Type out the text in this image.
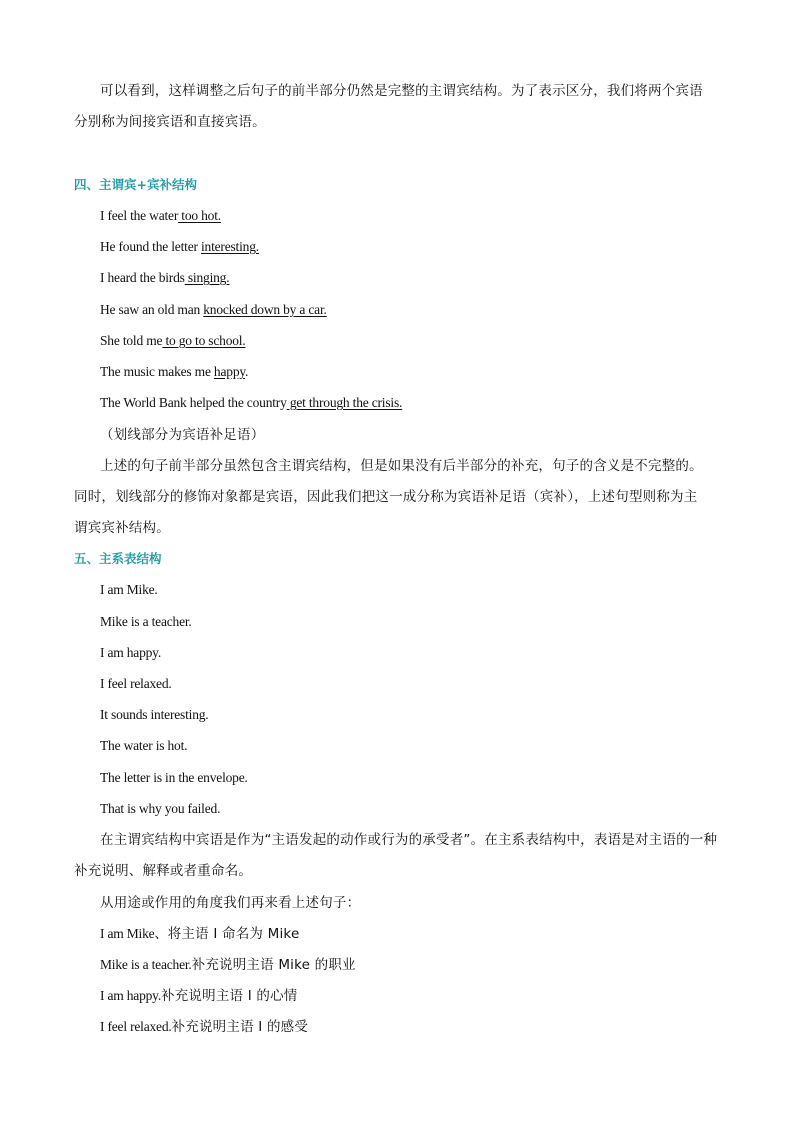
可以看到，这样调整之后句子的前半部分仍然是完整的主谓宾结构。为了表示区分，我们将两个宾语
分别称为间接宾语和直接宾语。
四、主谓宾+宾补结构
I feel the water too hot.
He found the letter interesting.
I heard the birds singing.
He saw an old man knocked down by a car.
She told me to go to school.
The music makes me happy.
The World Bank helped the country get through the crisis.
（划线部分为宾语补足语）
上述的句子前半部分虽然包含主谓宾结构，但是如果没有后半部分的补充，句子的含义是不完整的。
同时，划线部分的修饰对象都是宾语，因此我们把这一成分称为宾语补足语（宾补），上述句型则称为主
谓宾宾补结构。
五、主系表结构
I am Mike.
Mike is a teacher.
I am happy.
I feel relaxed.
It sounds interesting.
The water is hot.
The letter is in the envelope.
That is why you failed.
在主谓宾结构中宾语是作为“主语发起的动作或行为的承受者”。在主系表结构中，表语是对主语的一种
补充说明、解释或者重命名。
从用途或作用的角度我们再来看上述句子：
I am Mike、将主语 I 命名为 Mike
Mike is a teacher.补充说明主语 Mike 的职业
I am happy.补充说明主语 I 的心情
I feel relaxed.补充说明主语 I 的感受
